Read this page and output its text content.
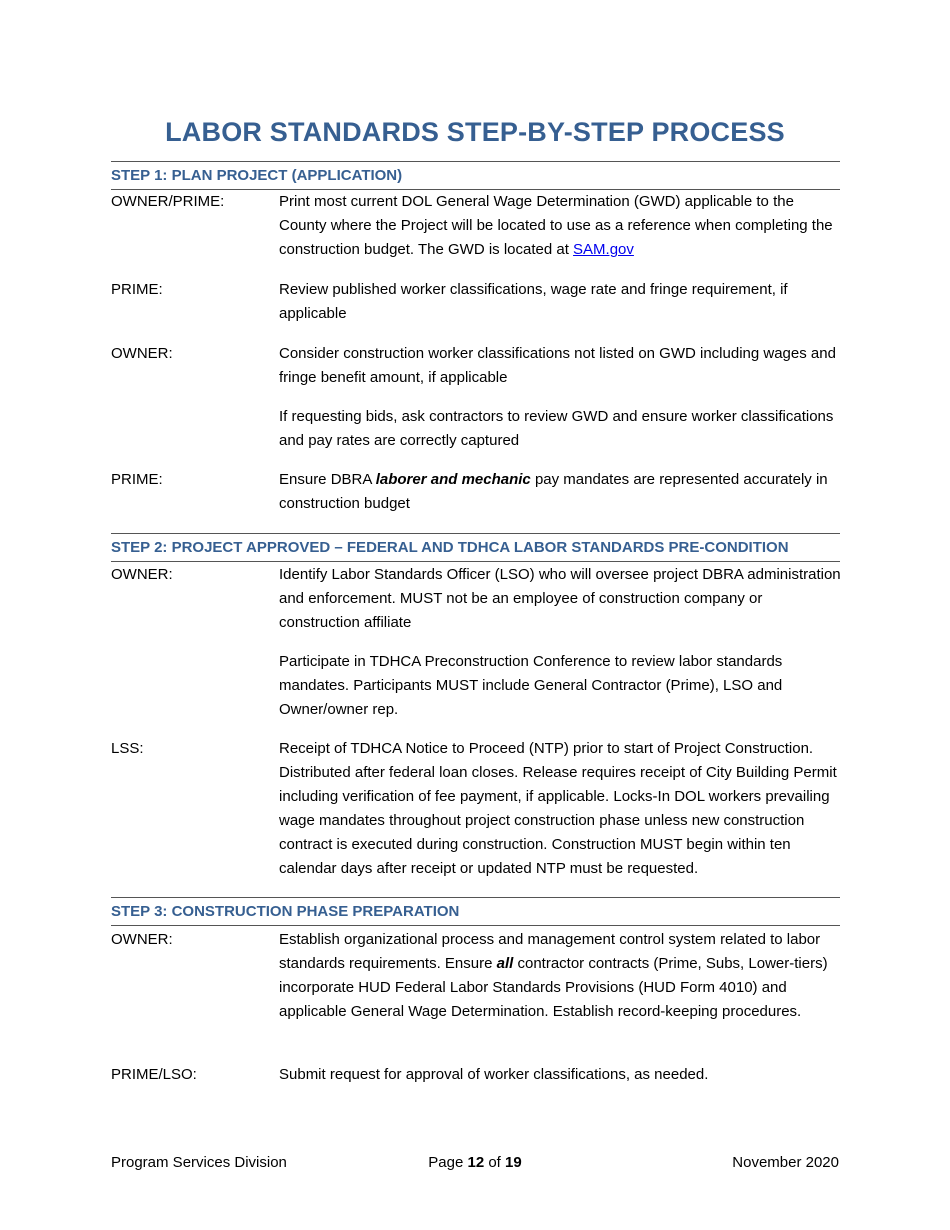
LABOR STANDARDS STEP-BY-STEP PROCESS
STEP 1: PLAN PROJECT (APPLICATION)
OWNER/PRIME:	Print most current DOL General Wage Determination (GWD) applicable to the County where the Project will be located to use as a reference when completing the construction budget. The GWD is located at SAM.gov
PRIME:	Review published worker classifications, wage rate and fringe requirement, if applicable
OWNER:	Consider construction worker classifications not listed on GWD including wages and fringe benefit amount, if applicable
If requesting bids, ask contractors to review GWD and ensure worker classifications and pay rates are correctly captured
PRIME:	Ensure DBRA laborer and mechanic pay mandates are represented accurately in construction budget
STEP 2: PROJECT APPROVED – FEDERAL AND TDHCA LABOR STANDARDS PRE-CONDITION
OWNER:	Identify Labor Standards Officer (LSO) who will oversee project DBRA administration and enforcement. MUST not be an employee of construction company or construction affiliate
Participate in TDHCA Preconstruction Conference to review labor standards mandates. Participants MUST include General Contractor (Prime), LSO and Owner/owner rep.
LSS:	Receipt of TDHCA Notice to Proceed (NTP) prior to start of Project Construction. Distributed after federal loan closes. Release requires receipt of City Building Permit including verification of fee payment, if applicable. Locks-In DOL workers prevailing wage mandates throughout project construction phase unless new construction contract is executed during construction. Construction MUST begin within ten calendar days after receipt or updated NTP must be requested.
STEP 3: CONSTRUCTION PHASE PREPARATION
OWNER:	Establish organizational process and management control system related to labor standards requirements. Ensure all contractor contracts (Prime, Subs, Lower-tiers) incorporate HUD Federal Labor Standards Provisions (HUD Form 4010) and applicable General Wage Determination. Establish record-keeping procedures.
PRIME/LSO:	Submit request for approval of worker classifications, as needed.
Program Services Division	Page 12 of 19	November 2020
